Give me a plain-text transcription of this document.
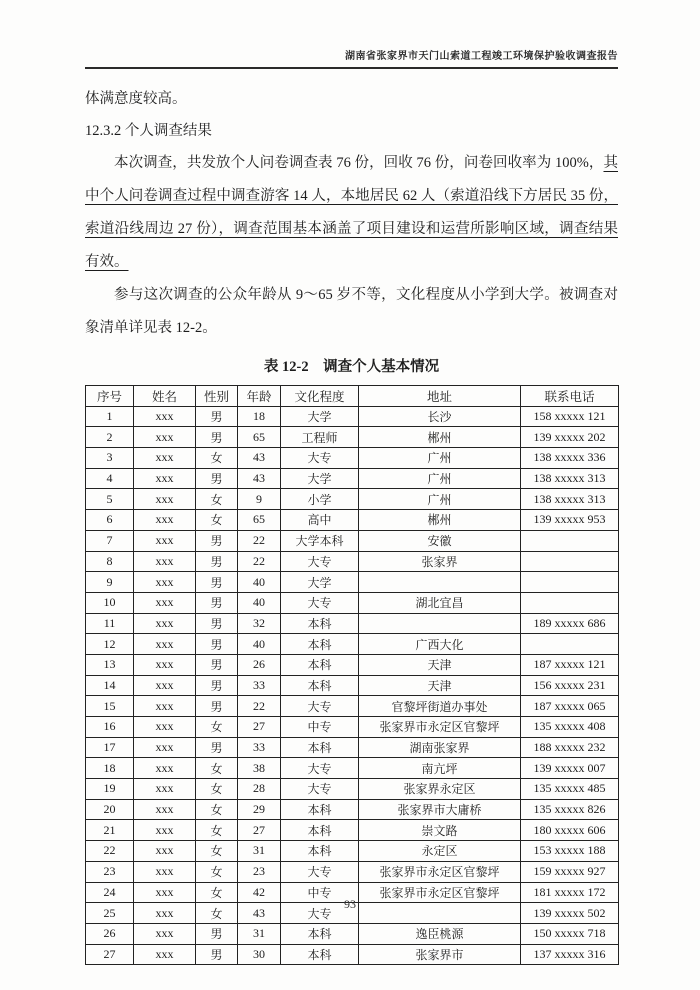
湖南省张家界市天门山索道工程竣工环境保护验收调查报告

体满意度较高。

12.3.2 个人调查结果

本次调查，共发放个人问卷调查表 76 份，回收 76 份，问卷回收率为 100%，其中个人问卷调查过程中调查游客 14 人，本地居民 62 人（索道沿线下方居民 35 份，索道沿线周边 27 份），调查范围基本涵盖了项目建设和运营所影响区域，调查结果有效。

参与这次调查的公众年龄从 9～65 岁不等，文化程度从小学到大学。被调查对象清单详见表 12-2。

表 12-2　调查个人基本情况
序号	姓名	性别	年龄	文化程度	地址	联系电话
1	xxx	男	18	大学	长沙	158 xxxxx 121
2	xxx	男	65	工程师	郴州	139 xxxxx 202
3	xxx	女	43	大专	广州	138 xxxxx 336
4	xxx	男	43	大学	广州	138 xxxxx 313
5	xxx	女	9	小学	广州	138 xxxxx 313
6	xxx	女	65	高中	郴州	139 xxxxx 953
7	xxx	男	22	大学本科	安徽	
8	xxx	男	22	大专	张家界	
9	xxx	男	40	大学		
10	xxx	男	40	大专	湖北宜昌	
11	xxx	男	32	本科		189 xxxxx 686
12	xxx	男	40	本科	广西大化	
13	xxx	男	26	本科	天津	187 xxxxx 121
14	xxx	男	33	本科	天津	156 xxxxx 231
15	xxx	男	22	大专	官黎坪街道办事处	187 xxxxx 065
16	xxx	女	27	中专	张家界市永定区官黎坪	135 xxxxx 408
17	xxx	男	33	本科	湖南张家界	188 xxxxx 232
18	xxx	女	38	大专	南亢坪	139 xxxxx 007
19	xxx	女	28	大专	张家界永定区	135 xxxxx 485
20	xxx	女	29	本科	张家界市大庸桥	135 xxxxx 826
21	xxx	女	27	本科	崇文路	180 xxxxx 606
22	xxx	女	31	本科	永定区	153 xxxxx 188
23	xxx	女	23	大专	张家界市永定区官黎坪	159 xxxxx 927
24	xxx	女	42	中专	张家界市永定区官黎坪	181 xxxxx 172
25	xxx	女	43	大专		139 xxxxx 502
26	xxx	男	31	本科	逸臣桃源	150 xxxxx 718
27	xxx	男	30	本科	张家界市	137 xxxxx 316
93
